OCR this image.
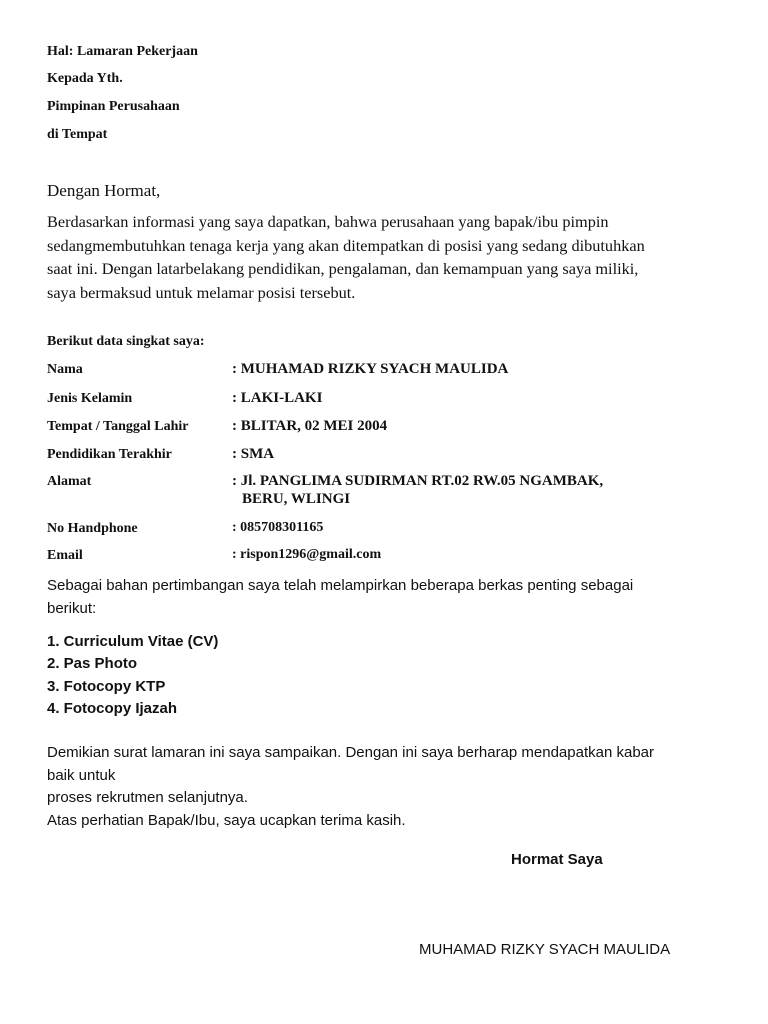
Hal: Lamaran Pekerjaan
Kepada Yth.
Pimpinan Perusahaan
di Tempat
Dengan Hormat,
Berdasarkan informasi yang saya dapatkan, bahwa perusahaan yang bapak/ibu pimpin
sedangmembutuhkan tenaga kerja yang akan ditempatkan di posisi yang sedang dibutuhkan
saat ini. Dengan latarbelakang pendidikan, pengalaman, dan kemampuan yang saya miliki,
saya bermaksud untuk melamar posisi tersebut.
Berikut data singkat saya:
Nama	: MUHAMAD RIZKY SYACH MAULIDA
Jenis Kelamin	: LAKI-LAKI
Tempat / Tanggal Lahir	: BLITAR, 02 MEI 2004
Pendidikan Terakhir	: SMA
Alamat	: Jl. PANGLIMA SUDIRMAN RT.02 RW.05 NGAMBAK,
BERU, WLINGI
No Handphone	: 085708301165
Email	: rispon1296@gmail.com
Sebagai bahan pertimbangan saya telah melampirkan beberapa berkas penting sebagai
berikut:
1. Curriculum Vitae (CV)
2. Pas Photo
3. Fotocopy KTP
4. Fotocopy Ijazah
Demikian surat lamaran ini saya sampaikan. Dengan ini saya berharap mendapatkan kabar
baik untuk
proses rekrutmen selanjutnya.
Atas perhatian Bapak/Ibu, saya ucapkan terima kasih.
Hormat Saya
MUHAMAD RIZKY SYACH MAULIDA
